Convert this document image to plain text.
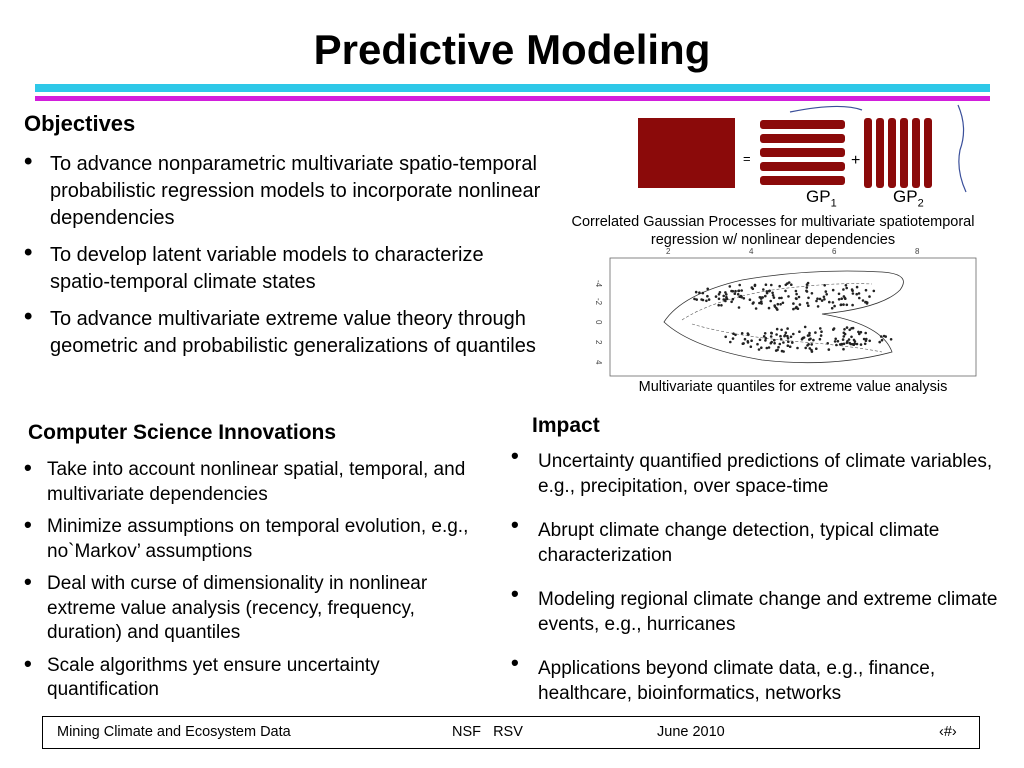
Predictive Modeling
Objectives
• To advance nonparametric multivariate spatio-temporal probabilistic regression models to incorporate nonlinear dependencies
• To develop latent variable models to characterize spatio-temporal climate states
• To advance multivariate extreme value theory through geometric and probabilistic generalizations of quantiles
=	+
$GP_1$	$GP_2$
Correlated Gaussian Processes for multivariate spatiotemporal
regression w/ nonlinear dependencies
2	4	6	8
-4
-2
0
2
4
Multivariate quantiles for extreme value analysis
Computer Science Innovations
• Take into account nonlinear spatial, temporal, and multivariate dependencies
• Minimize assumptions on temporal evolution, e.g., no`Markov’ assumptions
• Deal with curse of dimensionality in nonlinear extreme value analysis (recency, frequency, duration) and quantiles
• Scale algorithms yet ensure uncertainty quantification
Impact
• Uncertainty quantified predictions of climate variables, e.g., precipitation, over space-time
• Abrupt climate change detection, typical climate characterization
• Modeling regional climate change and extreme climate events, e.g., hurricanes
• Applications beyond climate data, e.g., finance, healthcare, bioinformatics, networks
Mining Climate and Ecosystem Data	NSF   RSV	June 2010	‹#›
